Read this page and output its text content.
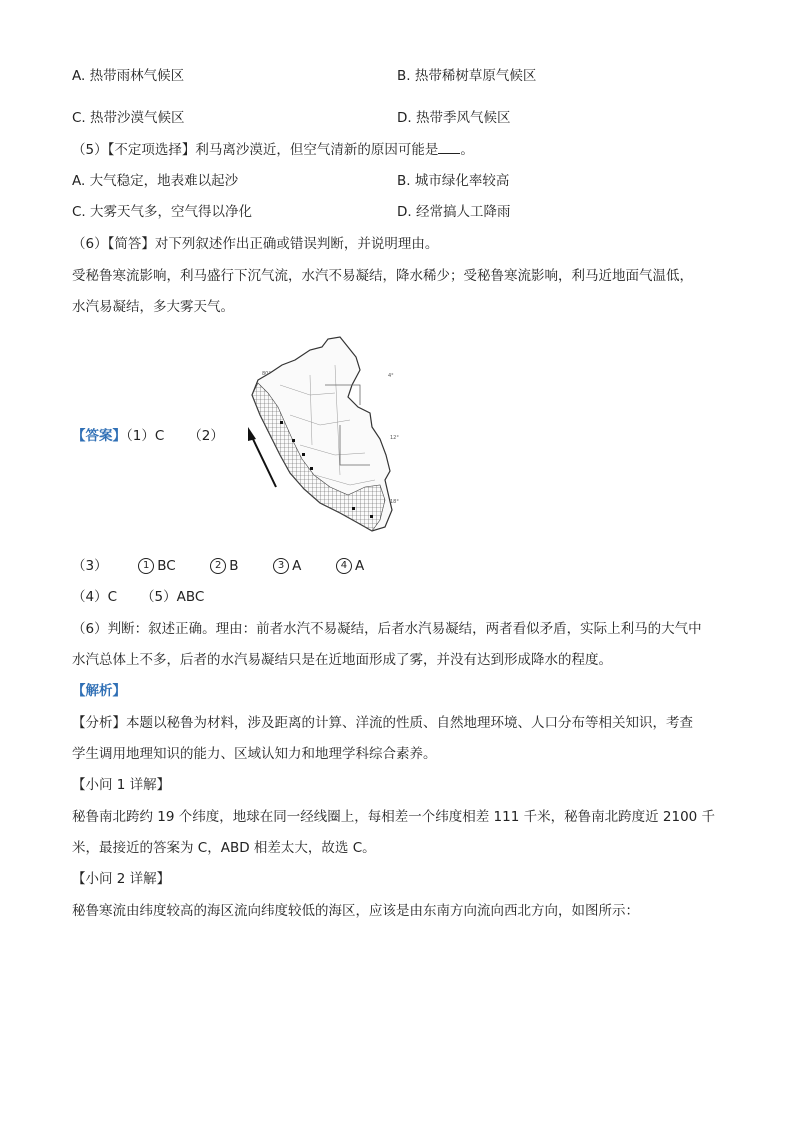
A. 热带雨林气候区	B. 热带稀树草原气候区
C. 热带沙漠气候区	D. 热带季风气候区
（5）【不定项选择】利马离沙漠近，但空气清新的原因可能是 。
A. 大气稳定，地表难以起沙	B. 城市绿化率较高
C. 大雾天气多，空气得以净化	D. 经常搞人工降雨
（6）【简答】对下列叙述作出正确或错误判断，并说明理由。
受秘鲁寒流影响，利马盛行下沉气流，水汽不易凝结，降水稀少；受秘鲁寒流影响，利马近地面气温低，
水汽易凝结，多大雾天气。
【答案】（1）C （2）
80°	4°
12°
18°
（3）	1 BC	2 B	3 A	4 A
（4）C （5）ABC
（6）判断：叙述正确。理由：前者水汽不易凝结，后者水汽易凝结，两者看似矛盾，实际上利马的大气中
水汽总体上不多，后者的水汽易凝结只是在近地面形成了雾，并没有达到形成降水的程度。
【解析】
【分析】本题以秘鲁为材料，涉及距离的计算、洋流的性质、自然地理环境、人口分布等相关知识，考查
学生调用地理知识的能力、区域认知力和地理学科综合素养。
【小问 1 详解】
秘鲁南北跨约 19 个纬度，地球在同一经线圈上，每相差一个纬度相差 111 千米，秘鲁南北跨度近 2100 千
米，最接近的答案为 C，ABD 相差太大，故选 C。
【小问 2 详解】
秘鲁寒流由纬度较高的海区流向纬度较低的海区，应该是由东南方向流向西北方向，如图所示：
